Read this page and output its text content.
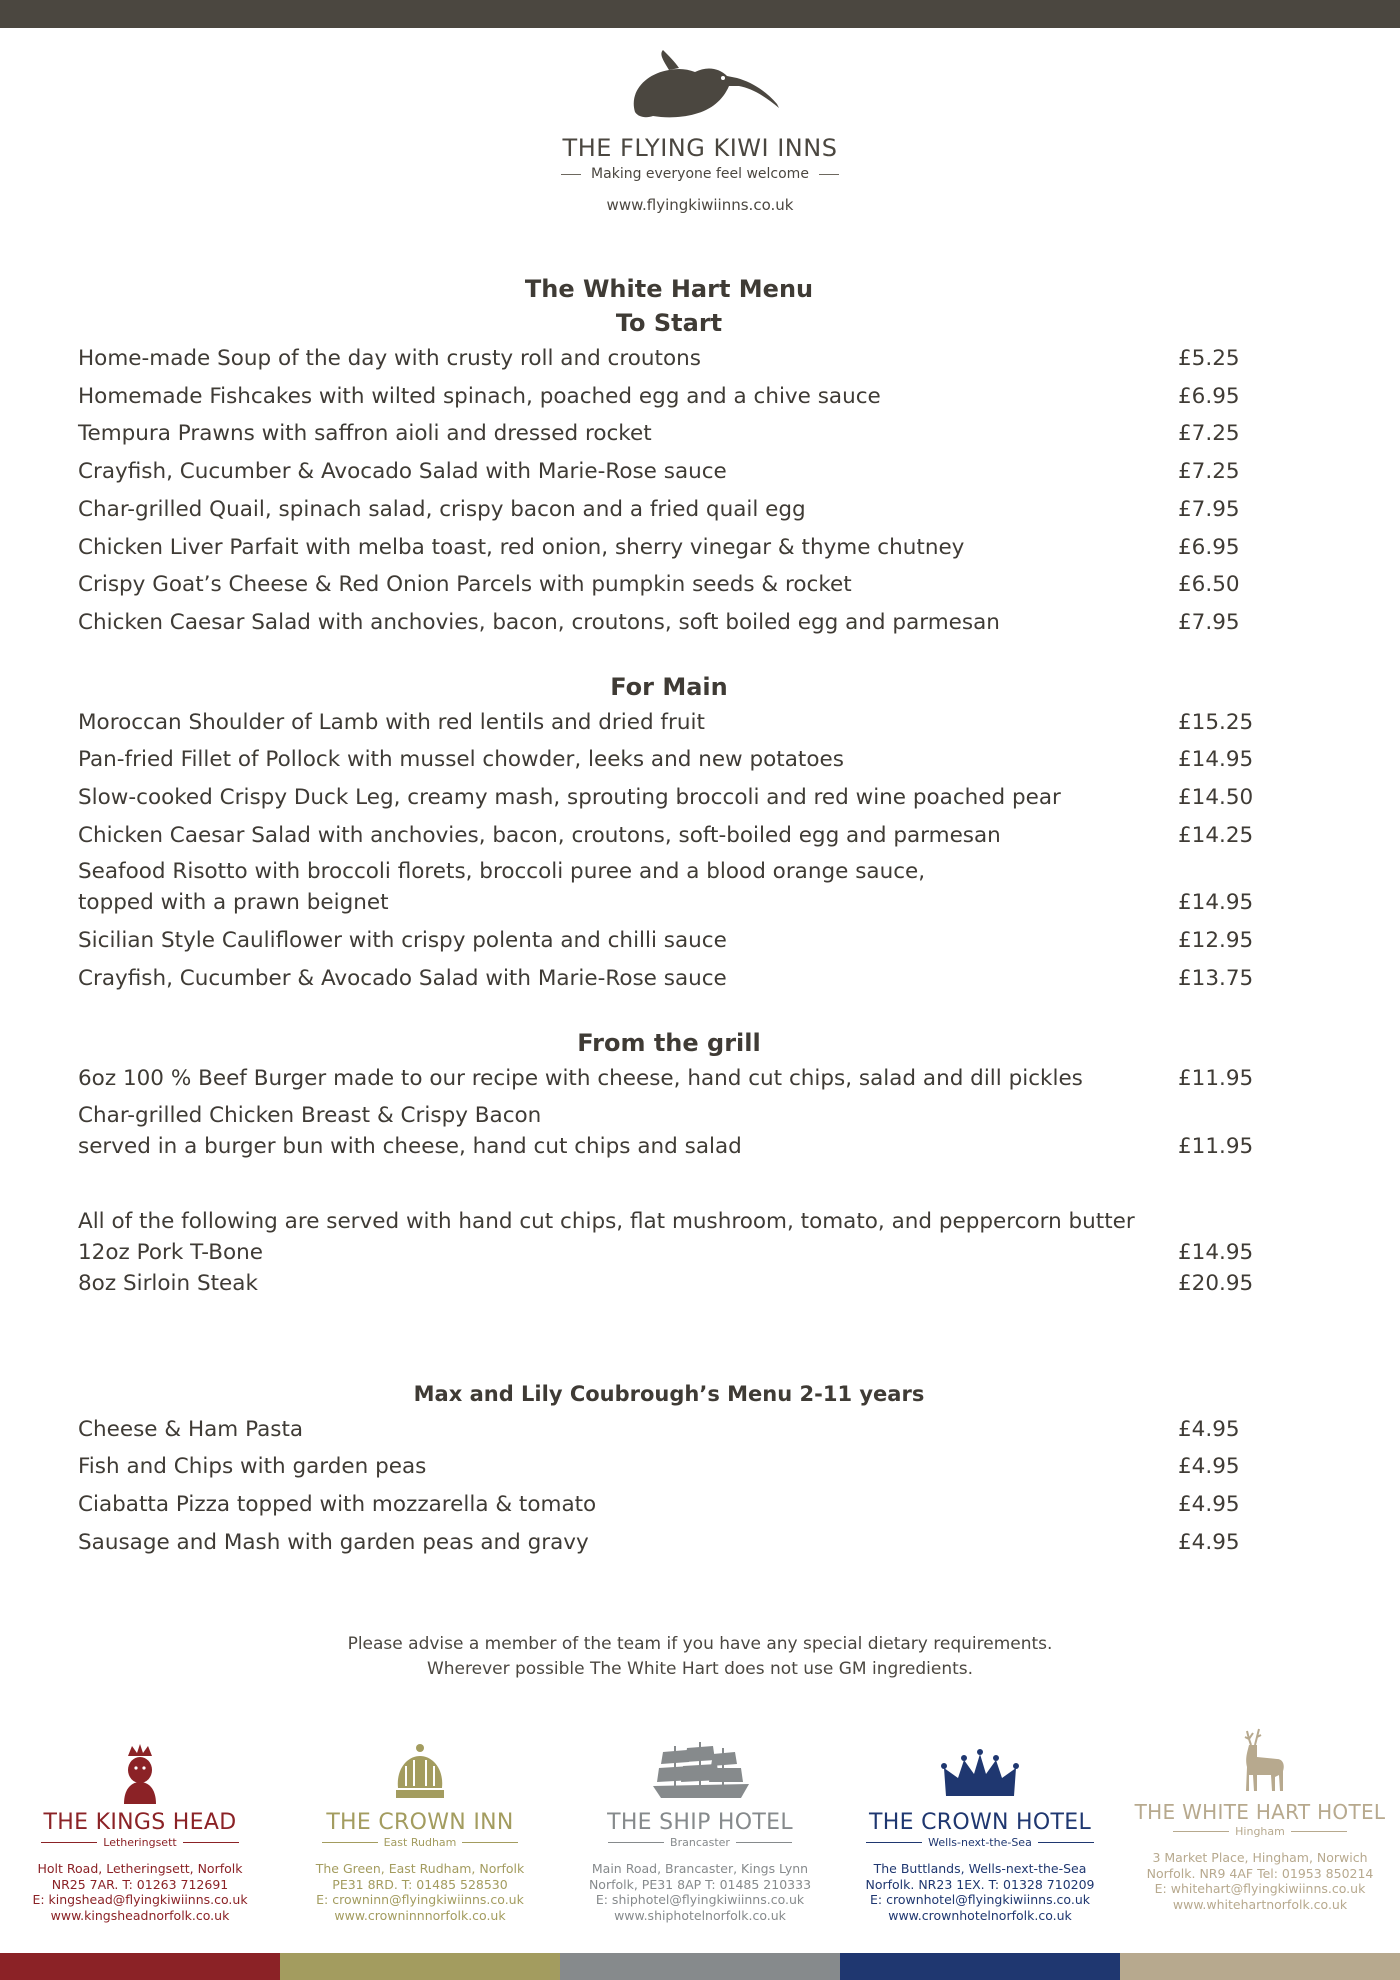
THE FLYING KIWI INNS
Making everyone feel welcome
www.flyingkiwiinns.co.uk
The White Hart Menu
To Start
Home-made Soup of the day with crusty roll and croutons	£5.25
Homemade Fishcakes with wilted spinach, poached egg and a chive sauce	£6.95
Tempura Prawns with saffron aioli and dressed rocket	£7.25
Crayfish, Cucumber & Avocado Salad with Marie-Rose sauce	£7.25
Char-grilled Quail, spinach salad, crispy bacon and a fried quail egg	£7.95
Chicken Liver Parfait with melba toast, red onion, sherry vinegar & thyme chutney	£6.95
Crispy Goat’s Cheese & Red Onion Parcels with pumpkin seeds & rocket	£6.50
Chicken Caesar Salad with anchovies, bacon, croutons, soft boiled egg and parmesan	£7.95
For Main
Moroccan Shoulder of Lamb with red lentils and dried fruit	£15.25
Pan-fried Fillet of Pollock with mussel chowder, leeks and new potatoes	£14.95
Slow-cooked Crispy Duck Leg, creamy mash, sprouting broccoli and red wine poached pear	£14.50
Chicken Caesar Salad with anchovies, bacon, croutons, soft-boiled egg and parmesan	£14.25
Seafood Risotto with broccoli florets, broccoli puree and a blood orange sauce,
topped with a prawn beignet	£14.95
Sicilian Style Cauliflower with crispy polenta and chilli sauce	£12.95
Crayfish, Cucumber & Avocado Salad with Marie-Rose sauce	£13.75
From the grill
6oz 100 % Beef Burger made to our recipe with cheese, hand cut chips, salad and dill pickles	£11.95
Char-grilled Chicken Breast & Crispy Bacon
served in a burger bun with cheese, hand cut chips and salad	£11.95
All of the following are served with hand cut chips, flat mushroom, tomato, and peppercorn butter
12oz Pork T-Bone	£14.95
8oz Sirloin Steak	£20.95
Max and Lily Coubrough’s Menu 2-11 years
Cheese & Ham Pasta	£4.95
Fish and Chips with garden peas	£4.95
Ciabatta Pizza topped with mozzarella & tomato	£4.95
Sausage and Mash with garden peas and gravy	£4.95
Please advise a member of the team if you have any special dietary requirements.
Wherever possible The White Hart does not use GM ingredients.
THE KINGS HEAD
Letheringsett
Holt Road, Letheringsett, Norfolk
NR25 7AR. T: 01263 712691
E: kingshead@flyingkiwiinns.co.uk
www.kingsheadnorfolk.co.uk
THE CROWN INN
East Rudham
The Green, East Rudham, Norfolk
PE31 8RD. T: 01485 528530
E: crowninn@flyingkiwiinns.co.uk
www.crowninnnorfolk.co.uk
THE SHIP HOTEL
Brancaster
Main Road, Brancaster, Kings Lynn
Norfolk, PE31 8AP T: 01485 210333
E: shiphotel@flyingkiwiinns.co.uk
www.shiphotelnorfolk.co.uk
THE CROWN HOTEL
Wells-next-the-Sea
The Buttlands, Wells-next-the-Sea
Norfolk. NR23 1EX. T: 01328 710209
E: crownhotel@flyingkiwiinns.co.uk
www.crownhotelnorfolk.co.uk
THE WHITE HART HOTEL
Hingham
3 Market Place, Hingham, Norwich
Norfolk. NR9 4AF Tel: 01953 850214
E: whitehart@flyingkiwiinns.co.uk
www.whitehartnorfolk.co.uk
